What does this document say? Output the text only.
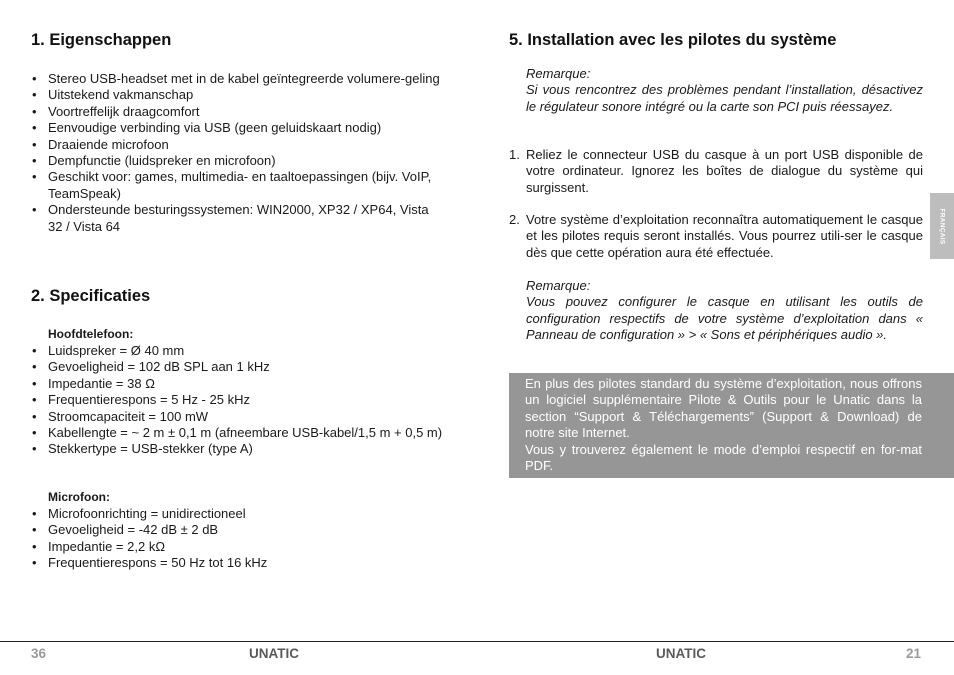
1. Eigenschappen
• Stereo USB-headset met in de kabel geïntegreerde volumere-geling
• Uitstekend vakmanschap
• Voortreffelijk draagcomfort
• Eenvoudige verbinding via USB (geen geluidskaart nodig)
• Draaiende microfoon
• Dempfunctie (luidspreker en microfoon)
• Geschikt voor: games, multimedia- en taaltoepassingen (bijv. VoIP, TeamSpeak)
• Ondersteunde besturingssystemen: WIN2000, XP32 / XP64, Vista 32 / Vista 64
2. Specificaties
Hoofdtelefoon:
• Luidspreker = Ø 40 mm
• Gevoeligheid = 102 dB SPL aan 1 kHz
• Impedantie = 38 Ω
• Frequentierespons = 5 Hz - 25 kHz
• Stroomcapaciteit = 100 mW
• Kabellengte = ~ 2 m ± 0,1 m (afneembare USB-kabel/1,5 m + 0,5 m)
• Stekkertype = USB-stekker (type A)
Microfoon:
• Microfoonrichting = unidirectioneel
• Gevoeligheid = -42 dB ± 2 dB
• Impedantie = 2,2 kΩ
• Frequentierespons = 50 Hz tot 16 kHz
5. Installation avec les pilotes du système
Remarque:
Si vous rencontrez des problèmes pendant l’installation, désactivez le régulateur sonore intégré ou la carte son PCI puis réessayez.
1. Reliez le connecteur USB du casque à un port USB disponible de votre ordinateur. Ignorez les boîtes de dialogue du système qui surgissent.
2. Votre système d’exploitation reconnaîtra automatiquement le casque et les pilotes requis seront installés. Vous pourrez utili-ser le casque dès que cette opération aura été effectuée.
Remarque:
Vous pouvez configurer le casque en utilisant les outils de configuration respectifs de votre système d’exploitation dans « Panneau de configuration » > « Sons et périphériques audio ».

En plus des pilotes standard du système d’exploitation, nous offrons un logiciel supplémentaire Pilote & Outils pour le Unatic dans la section “Support & Téléchargements” (Support & Download) de notre site Internet.

Vous y trouverez également le mode d’emploi respectif en for-mat PDF.

FRANÇAIS
36	UNATIC	UNATIC	21
